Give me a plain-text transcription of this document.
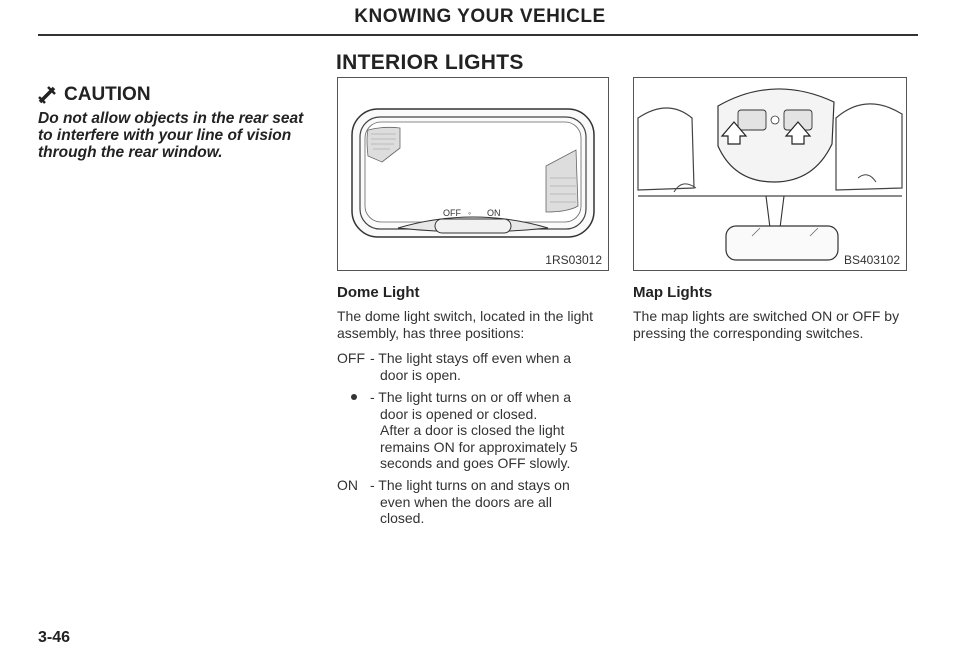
KNOWING YOUR VEHICLE
CAUTION
Do not allow objects in the rear seat to interfere with your line of vision through the rear window.
INTERIOR LIGHTS
OFF ◦ ON
1RS03012	BS403102
Dome Light
The dome light switch, located in the light assembly, has three positions:
OFF - The light stays off even when a
door is open.
- The light turns on or off when a
door is opened or closed.
After a door is closed the light
remains ON for approximately 5
seconds and goes OFF slowly.
ON - The light turns on and stays on
even when the doors are all
closed.
Map Lights
The map lights are switched ON or OFF by pressing the corresponding switches.
3-46
